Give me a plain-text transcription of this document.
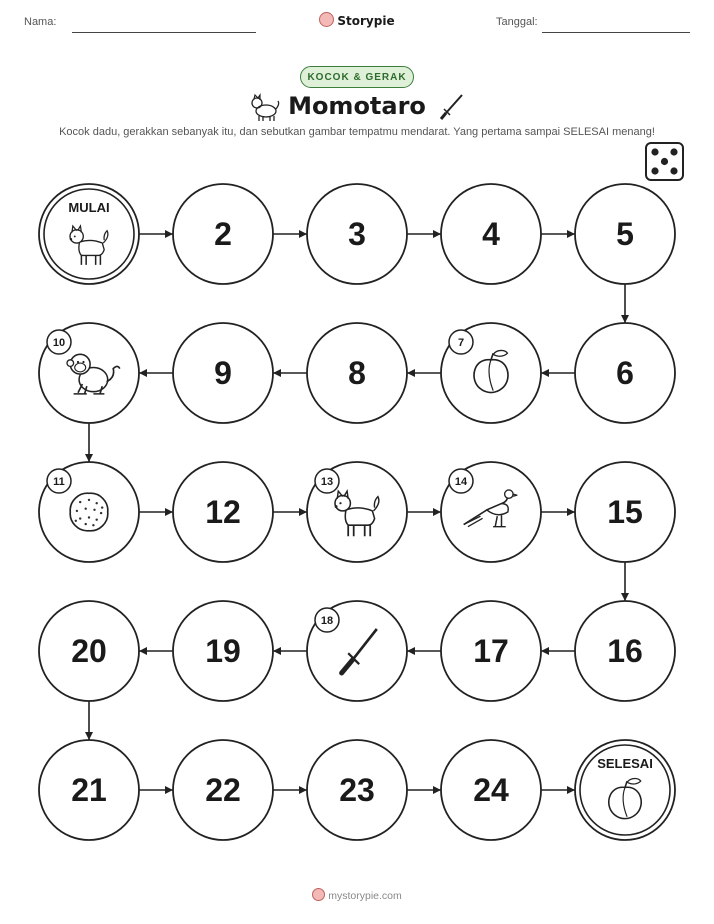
Nama:	Storypie	Tanggal:
KOCOK & GERAK
Momotaro
Kocok dadu, gerakkan sebanyak itu, dan sebutkan gambar tempatmu mendarat. Yang pertama sampai SELESAI menang!
MULAI
2	3	4	5
6
7
8
9
10
11
12
13	14
15
16
17
18
19
20
21	22	23	24
SELESAI
mystorypie.com
